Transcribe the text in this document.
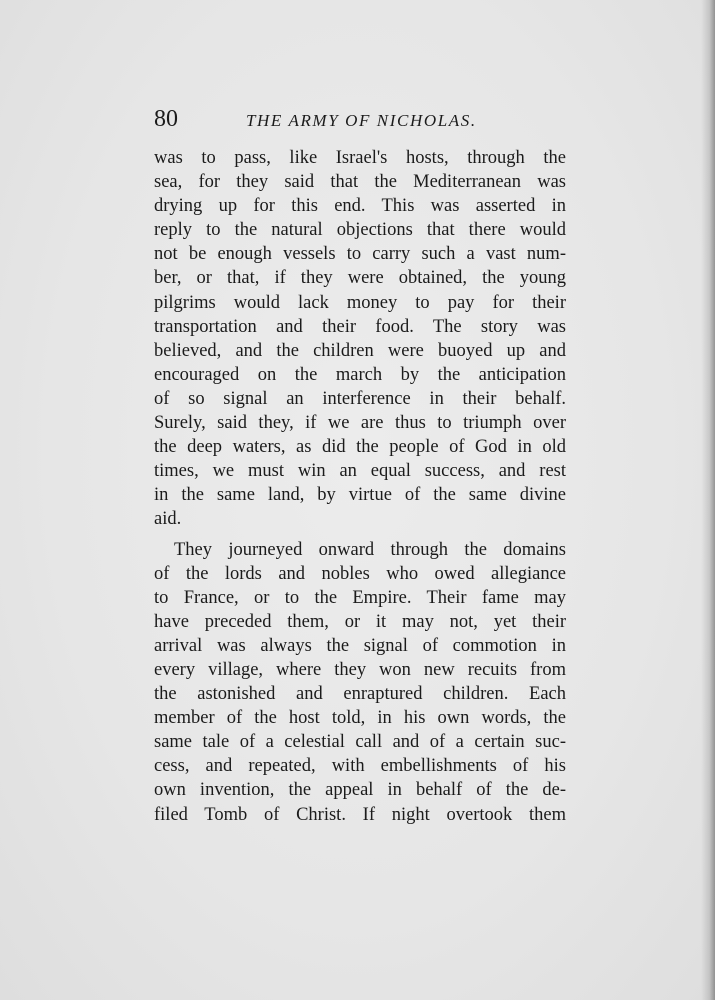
80	THE ARMY OF NICHOLAS.
was to pass, like Israel's hosts, through the
sea, for they said that the Mediterranean was
drying up for this end. This was asserted in
reply to the natural objections that there would
not be enough vessels to carry such a vast num-
ber, or that, if they were obtained, the young
pilgrims would lack money to pay for their
transportation and their food. The story was
believed, and the children were buoyed up and
encouraged on the march by the anticipation
of so signal an interference in their behalf.
Surely, said they, if we are thus to triumph over
the deep waters, as did the people of God in old
times, we must win an equal success, and rest
in the same land, by virtue of the same divine
aid.
They journeyed onward through the domains
of the lords and nobles who owed allegiance
to France, or to the Empire. Their fame may
have preceded them, or it may not, yet their
arrival was always the signal of commotion in
every village, where they won new recuits from
the astonished and enraptured children. Each
member of the host told, in his own words, the
same tale of a celestial call and of a certain suc-
cess, and repeated, with embellishments of his
own invention, the appeal in behalf of the de-
filed Tomb of Christ. If night overtook them
